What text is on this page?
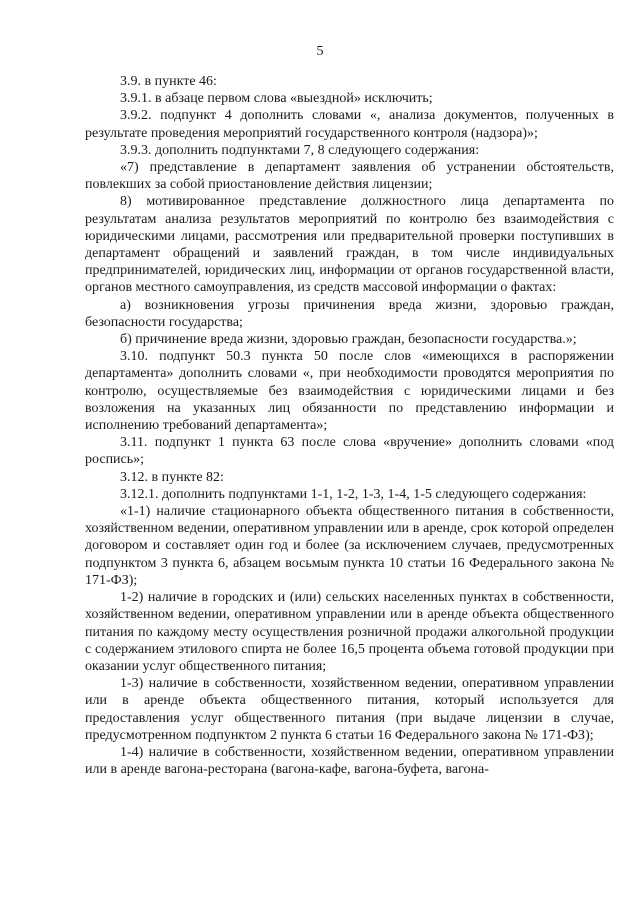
5

3.9. в пункте 46:

3.9.1. в абзаце первом слова «выездной» исключить;

3.9.2. подпункт 4 дополнить словами «, анализа документов, полученных в результате проведения мероприятий государственного контроля (надзора)»;

3.9.3. дополнить подпунктами 7, 8 следующего содержания:

«7) представление в департамент заявления об устранении обстоятельств, повлекших за собой приостановление действия лицензии;

8) мотивированное представление должностного лица департамента по результатам анализа результатов мероприятий по контролю без взаимодействия с юридическими лицами, рассмотрения или предварительной проверки поступивших в департамент обращений и заявлений граждан, в том числе индивидуальных предпринимателей, юридических лиц, информации от органов государственной власти, органов местного самоуправления, из средств массовой информации о фактах:

а) возникновения угрозы причинения вреда жизни, здоровью граждан, безопасности государства;

б) причинение вреда жизни, здоровью граждан, безопасности государства.»;

3.10. подпункт 50.3 пункта 50 после слов «имеющихся в распоряжении департамента» дополнить словами «, при необходимости проводятся мероприятия по контролю, осуществляемые без взаимодействия с юридическими лицами и без возложения на указанных лиц обязанности по представлению информации и исполнению требований департамента»;

3.11. подпункт 1 пункта 63 после слова «вручение» дополнить словами «под роспись»;

3.12. в пункте 82:

3.12.1. дополнить подпунктами 1-1, 1-2, 1-3, 1-4, 1-5 следующего содержания:

«1-1) наличие стационарного объекта общественного питания в собственности, хозяйственном ведении, оперативном управлении или в аренде, срок которой определен договором и составляет один год и более (за исключением случаев, предусмотренных подпунктом 3 пункта 6, абзацем восьмым пункта 10 статьи 16 Федерального закона № 171-ФЗ);

1-2) наличие в городских и (или) сельских населенных пунктах в собственности, хозяйственном ведении, оперативном управлении или в аренде объекта общественного питания по каждому месту осуществления розничной продажи алкогольной продукции с содержанием этилового спирта не более 16,5 процента объема готовой продукции при оказании услуг общественного питания;

1-3) наличие в собственности, хозяйственном ведении, оперативном управлении или в аренде объекта общественного питания, который используется для предоставления услуг общественного питания (при выдаче лицензии в случае, предусмотренном подпунктом 2 пункта 6 статьи 16 Федерального закона № 171-ФЗ);

1-4) наличие в собственности, хозяйственном ведении, оперативном управлении или в аренде вагона-ресторана (вагона-кафе, вагона-буфета, вагона-
